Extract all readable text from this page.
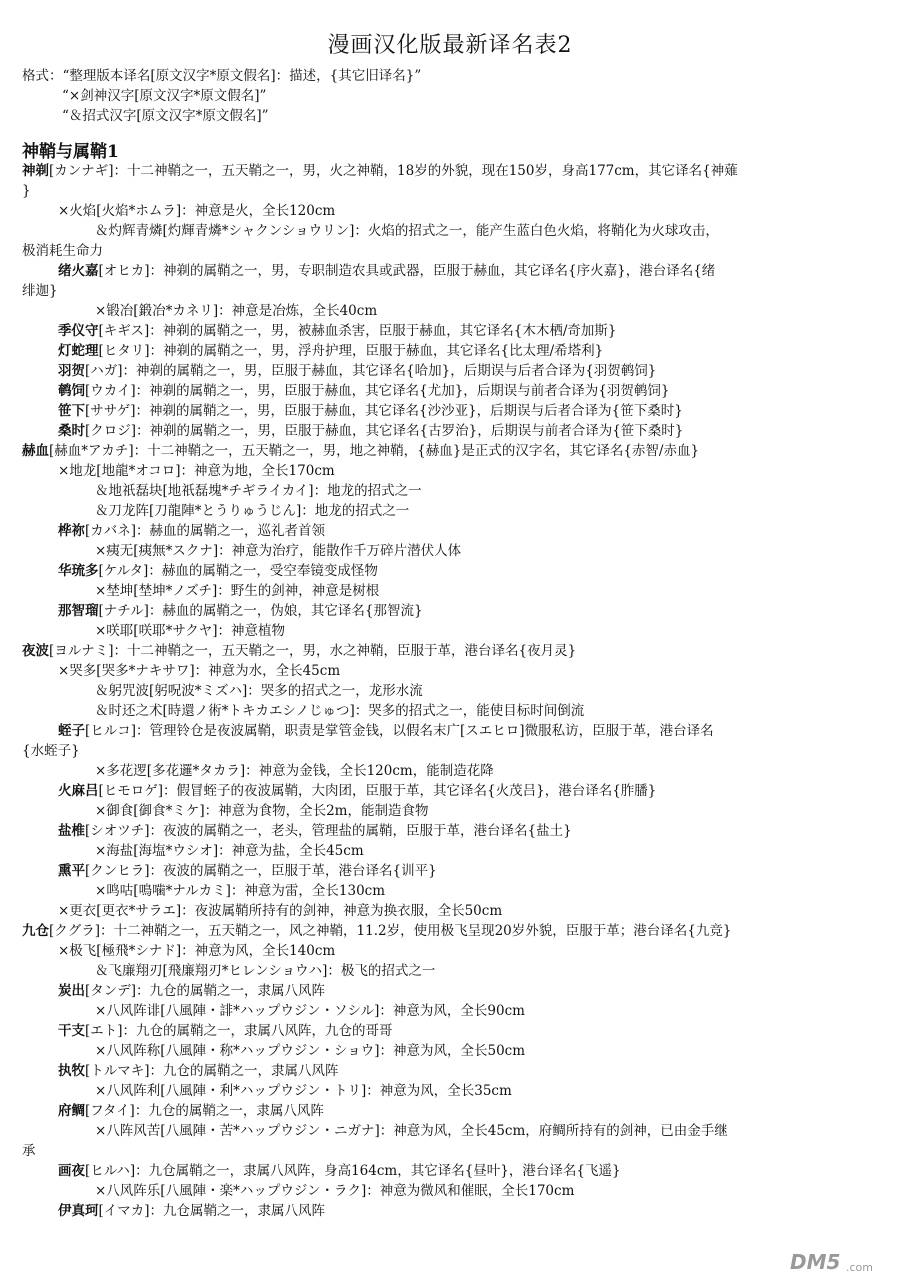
漫画汉化版最新译名表2
格式：“整理版本译名[原文汉字*原文假名]：描述，{其它旧译名}”
“×剑神汉字[原文汉字*原文假名]”
“＆招式汉字[原文汉字*原文假名]”
神鞘与属鞘1
神剃[カンナギ]：十二神鞘之一，五天鞘之一，男，火之神鞘，18岁的外貌，现在150岁，身高177cm，其它译名{神薙
}
×火焰[火焰*ホムラ]：神意是火，全长120cm
＆灼辉青燐[灼輝青燐*シャクンショウリン]：火焰的招式之一，能产生蓝白色火焰，将鞘化为火球攻击，
极消耗生命力
绪火嘉[オヒカ]：神剃的属鞘之一，男，专职制造农具或武器，臣服于赫血，其它译名{序火嘉}，港台译名{绪
绯迦}
×锻冶[鍛冶*カネリ]：神意是冶炼，全长40cm
季仪守[キギス]：神剃的属鞘之一，男，被赫血杀害，臣服于赫血，其它译名{木木栖/奇加斯}
灯蛇理[ヒタリ]：神剃的属鞘之一，男，浮舟护理，臣服于赫血，其它译名{比太理/希塔利}
羽贺[ハガ]：神剃的属鞘之一，男，臣服于赫血，其它译名{哈加}，后期误与后者合译为{羽贺鹌饲}
鹌饲[ウカイ]：神剃的属鞘之一，男，臣服于赫血，其它译名{尤加}，后期误与前者合译为{羽贺鹌饲}
笹下[ササゲ]：神剃的属鞘之一，男，臣服于赫血，其它译名{沙沙亚}，后期误与后者合译为{笹下桑时}
桑时[クロジ]：神剃的属鞘之一，男，臣服于赫血，其它译名{古罗治}，后期误与前者合译为{笹下桑时}
赫血[赫血*アカチ]：十二神鞘之一，五天鞘之一，男，地之神鞘，{赫血}是正式的汉字名，其它译名{赤智/赤血}
×地龙[地龍*オコロ]：神意为地，全长170cm
＆地祇磊块[地祇磊塊*チギライカイ]：地龙的招式之一
＆刀龙阵[刀龍陣*とうりゅうじん]：地龙的招式之一
桦祢[カバネ]：赫血的属鞘之一，巡礼者首领
×痍无[痍無*スクナ]：神意为治疗，能散作千万碎片潜伏人体
华琉多[ケルタ]：赫血的属鞘之一，受空奉镜变成怪物
×埜坤[埜坤*ノズチ]：野生的剑神，神意是树根
那智瑠[ナチル]：赫血的属鞘之一，伪娘，其它译名{那智流}
×咲耶[咲耶*サクヤ]：神意植物
夜波[ヨルナミ]：十二神鞘之一，五天鞘之一，男，水之神鞘，臣服于革，港台译名{夜月灵}
×哭多[哭多*ナキサワ]：神意为水，全长45cm
＆躬咒波[躬呪波*ミズハ]：哭多的招式之一，龙形水流
＆时还之术[時還ノ術*トキカエシノじゅつ]：哭多的招式之一，能使目标时间倒流
蛭子[ヒルコ]：管理铃仓是夜波属鞘，职责是掌管金钱，以假名末广[スエヒロ]微服私访，臣服于革，港台译名
{水蛭子}
×多花逻[多花邏*タカラ]：神意为金钱，全长120cm，能制造花降
火麻吕[ヒモロゲ]：假冒蛭子的夜波属鞘，大肉团，臣服于革，其它译名{火茂吕}，港台译名{胙膰}
×御食[御食*ミケ]：神意为食物，全长2m，能制造食物
盐椎[シオツチ]：夜波的属鞘之一，老头，管理盐的属鞘，臣服于革，港台译名{盐土}
×海盐[海塩*ウシオ]：神意为盐，全长45cm
熏平[クンヒラ]：夜波的属鞘之一，臣服于革，港台译名{训平}
×鸣咕[鳴噛*ナルカミ]：神意为雷，全长130cm
×更衣[更衣*サラエ]：夜波属鞘所持有的剑神，神意为换衣服，全长50cm
九仓[クグラ]：十二神鞘之一，五天鞘之一，风之神鞘，11.2岁，使用极飞呈现20岁外貌，臣服于革；港台译名{九竞}
×极飞[極飛*シナド]：神意为风，全长140cm
＆飞廉翔刃[飛廉翔刃*ヒレンショウハ]：极飞的招式之一
炭出[タンデ]：九仓的属鞘之一，隶属八风阵
×八风阵诽[八風陣・誹*ハップウジン・ソシル]：神意为风，全长90cm
干支[エト]：九仓的属鞘之一，隶属八风阵，九仓的哥哥
×八风阵称[八風陣・称*ハップウジン・ショウ]：神意为风，全长50cm
执牧[トルマキ]：九仓的属鞘之一，隶属八风阵
×八风阵利[八風陣・利*ハップウジン・トリ]：神意为风，全长35cm
府鲷[フタイ]：九仓的属鞘之一，隶属八风阵
×八阵风苦[八風陣・苦*ハップウジン・ニガナ]：神意为风，全长45cm，府鲷所持有的剑神，已由金手继
承
画夜[ヒルハ]：九仓属鞘之一，隶属八风阵，身高164cm，其它译名{昼叶}，港台译名{飞遥}
×八风阵乐[八風陣・楽*ハップウジン・ラク]：神意为微风和催眠，全长170cm
伊真珂[イマカ]：九仓属鞘之一，隶属八风阵
DM5 .com
